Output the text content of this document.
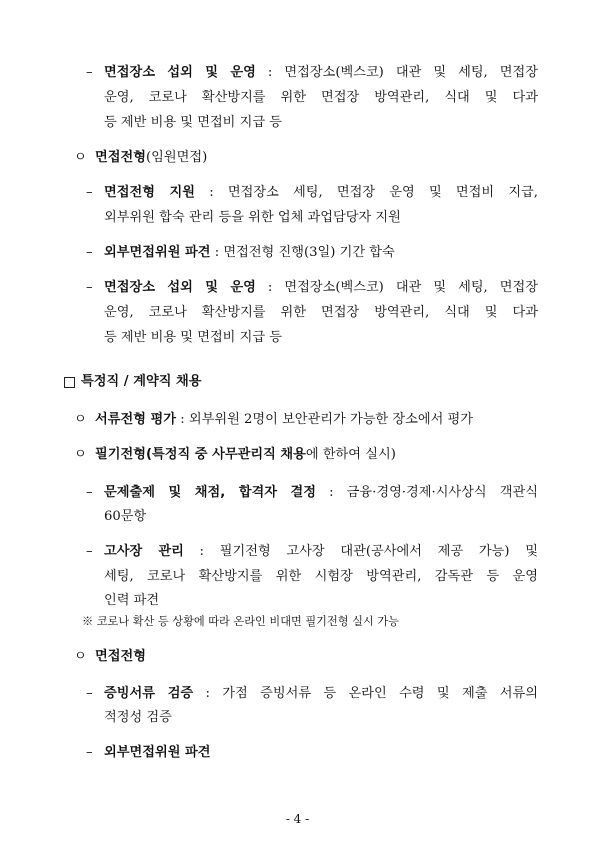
– 면접장소 섭외 및 운영 : 면접장소(벡스코) 대관 및 세팅, 면접장
운영, 코로나 확산방지를 위한 면접장 방역관리, 식대 및 다과
등 제반 비용 및 면접비 지급 등
ㅇ 면접전형(임원면접)
– 면접전형 지원 : 면접장소 세팅, 면접장 운영 및 면접비 지급,
외부위원 합숙 관리 등을 위한 업체 과업담당자 지원
– 외부면접위원 파견 : 면접전형 진행(3일) 기간 합숙
– 면접장소 섭외 및 운영 : 면접장소(벡스코) 대관 및 세팅, 면접장
운영, 코로나 확산방지를 위한 면접장 방역관리, 식대 및 다과
등 제반 비용 및 면접비 지급 등
특정직 / 계약직 채용
ㅇ 서류전형 평가 : 외부위원 2명이 보안관리가 가능한 장소에서 평가
ㅇ 필기전형(특정직 중 사무관리직 채용에 한하여 실시)
– 문제출제 및 채점, 합격자 결정 : 금융·경영·경제·시사상식 객관식
60문항
– 고사장 관리 : 필기전형 고사장 대관(공사에서 제공 가능) 및
세팅, 코로나 확산방지를 위한 시험장 방역관리, 감독관 등 운영
인력 파견
※ 코로나 확산 등 상황에 따라 온라인 비대면 필기전형 실시 가능
ㅇ 면접전형
– 증빙서류 검증 : 가점 증빙서류 등 온라인 수령 및 제출 서류의
적정성 검증
– 외부면접위원 파견
- 4 -
